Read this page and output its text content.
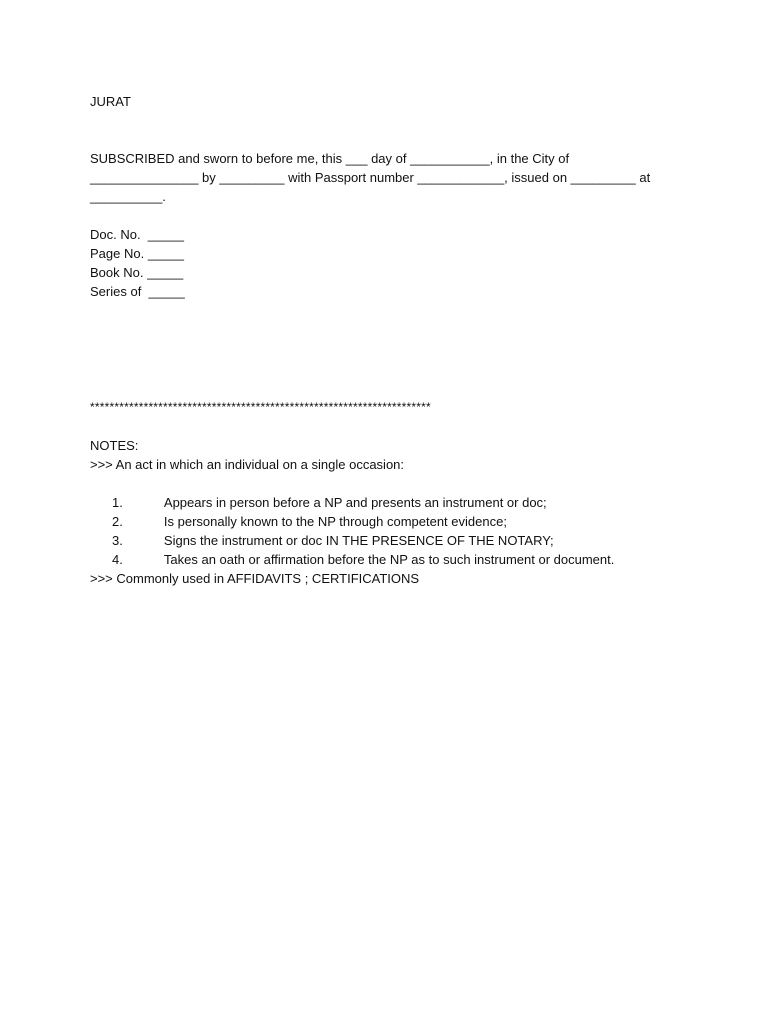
JURAT
SUBSCRIBED and sworn to before me, this ___ day of ___________, in the City of
_______________ by _________ with Passport number ____________, issued on _________ at
__________.
Doc. No.  _____
Page No. _____
Book No. _____
Series of  _____
**********************************************************************
NOTES:
>>> An act in which an individual on a single occasion:

1.	Appears in person before a NP and presents an instrument or doc;

2.	Is personally known to the NP through competent evidence;

3.	Signs the instrument or doc IN THE PRESENCE OF THE NOTARY;

4.	Takes an oath or affirmation before the NP as to such instrument or document.

>>> Commonly used in AFFIDAVITS ; CERTIFICATIONS
